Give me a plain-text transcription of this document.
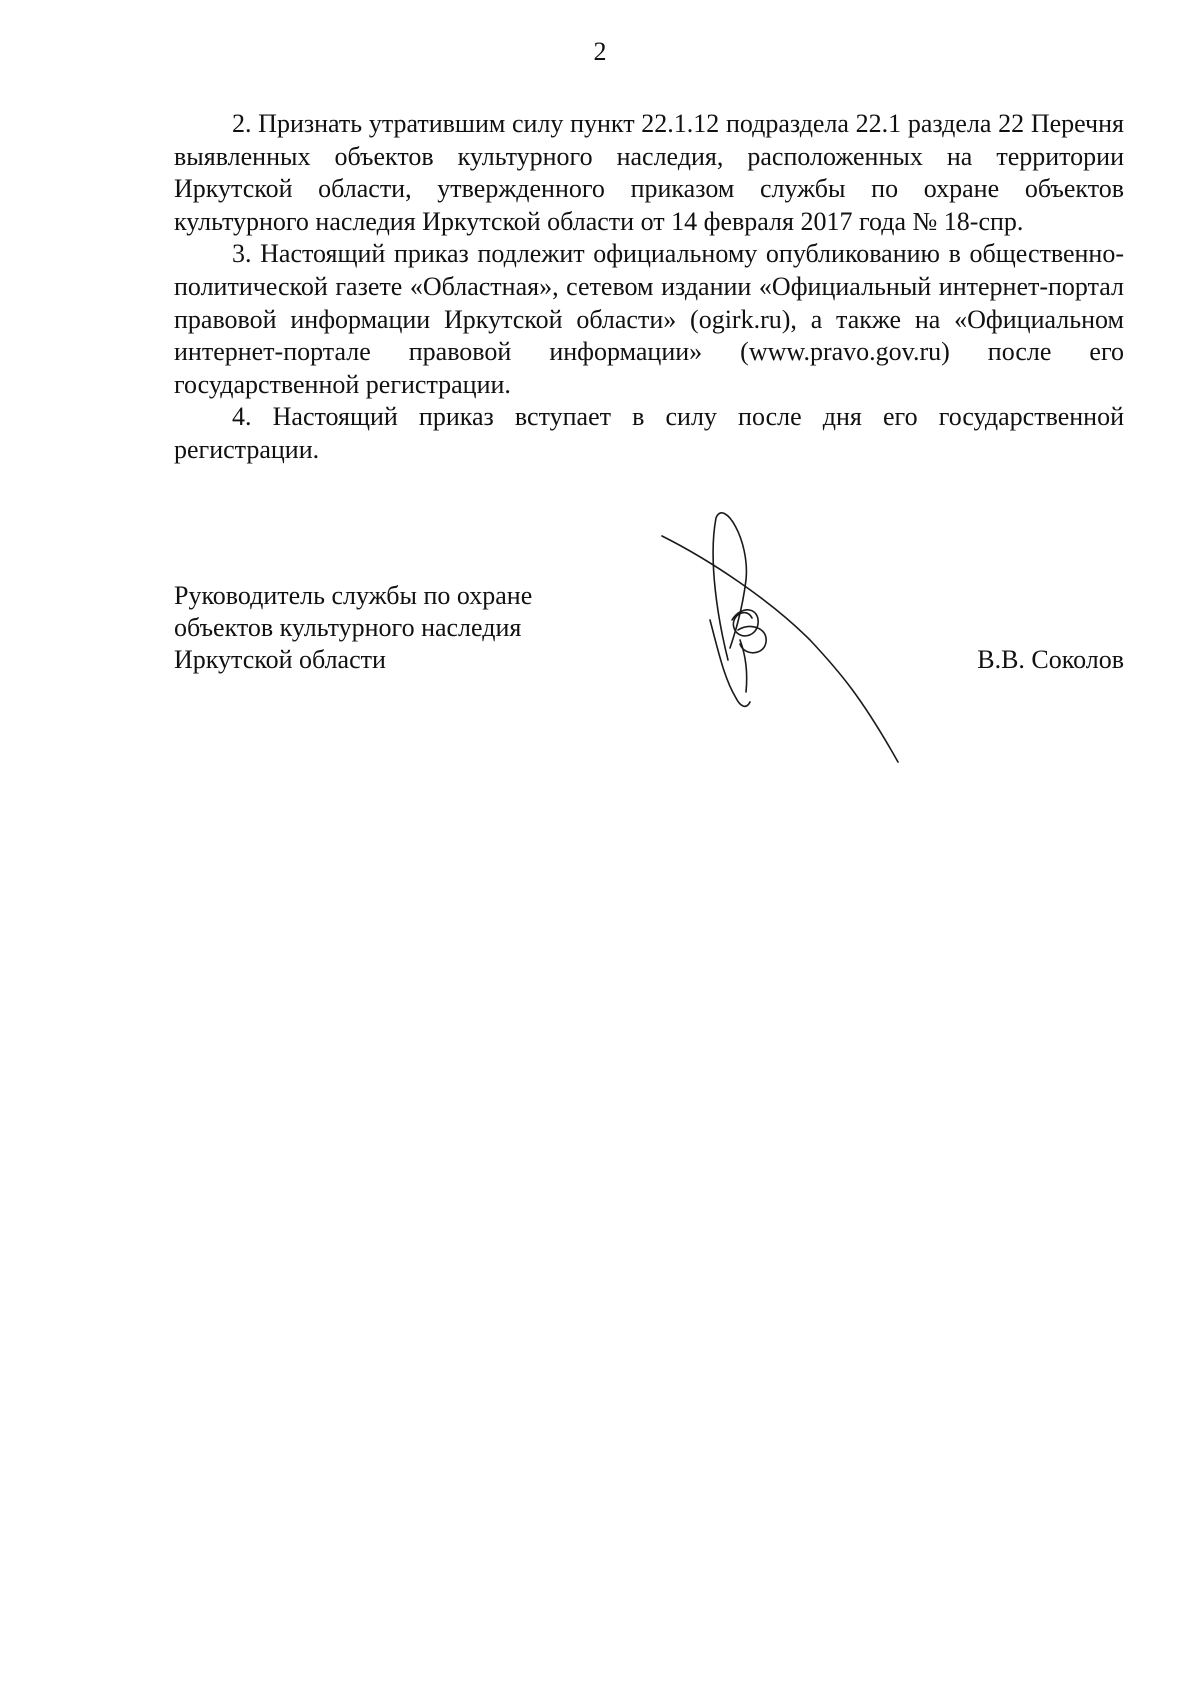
2

2. Признать утратившим силу пункт 22.1.12 подраздела 22.1 раздела 22 Перечня выявленных объектов культурного наследия, расположенных на территории Иркутской области, утвержденного приказом службы по охране объектов культурного наследия Иркутской области от 14 февраля 2017 года № 18-спр.

3. Настоящий приказ подлежит официальному опубликованию в общественно-политической газете «Областная», сетевом издании «Официальный интернет-портал правовой информации Иркутской области» (ogirk.ru), а также на «Официальном интернет-портале правовой информации» (www.pravo.gov.ru) после его государственной регистрации.

4. Настоящий приказ вступает в силу после дня его государственной регистрации.

Руководитель службы по охране
объектов культурного наследия
Иркутской области	В.В. Соколов
